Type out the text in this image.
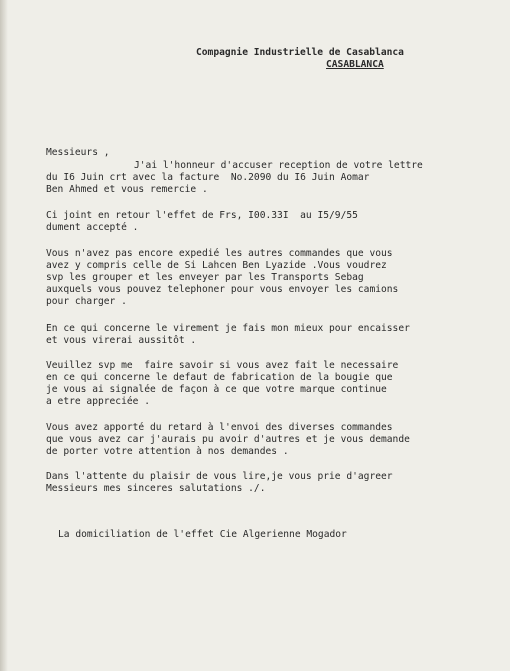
Compagnie Industrielle de Casablanca
CASABLANCA
Messieurs ,
J'ai l'honneur d'accuser reception de votre lettre
du I6 Juin crt avec la facture  No.2090 du I6 Juin Aomar
Ben Ahmed et vous remercie .
Ci joint en retour l'effet de Frs, I00.33I  au I5/9/55
dument accepté .
Vous n'avez pas encore expedié les autres commandes que vous
avez y compris celle de Si Lahcen Ben Lyazide .Vous voudrez
svp les grouper et les enveyer par les Transports Sebag
auxquels vous pouvez telephoner pour vous envoyer les camions
pour charger .
En ce qui concerne le virement je fais mon mieux pour encaisser
et vous virerai aussitôt .
Veuillez svp me  faire savoir si vous avez fait le necessaire
en ce qui concerne le defaut de fabrication de la bougie que
je vous ai signalée de façon à ce que votre marque continue
a etre appreciée .
Vous avez apporté du retard à l'envoi des diverses commandes
que vous avez car j'aurais pu avoir d'autres et je vous demande
de porter votre attention à nos demandes .
Dans l'attente du plaisir de vous lire,je vous prie d'agreer
Messieurs mes sinceres salutations ./.
La domiciliation de l'effet Cie Algerienne Mogador
